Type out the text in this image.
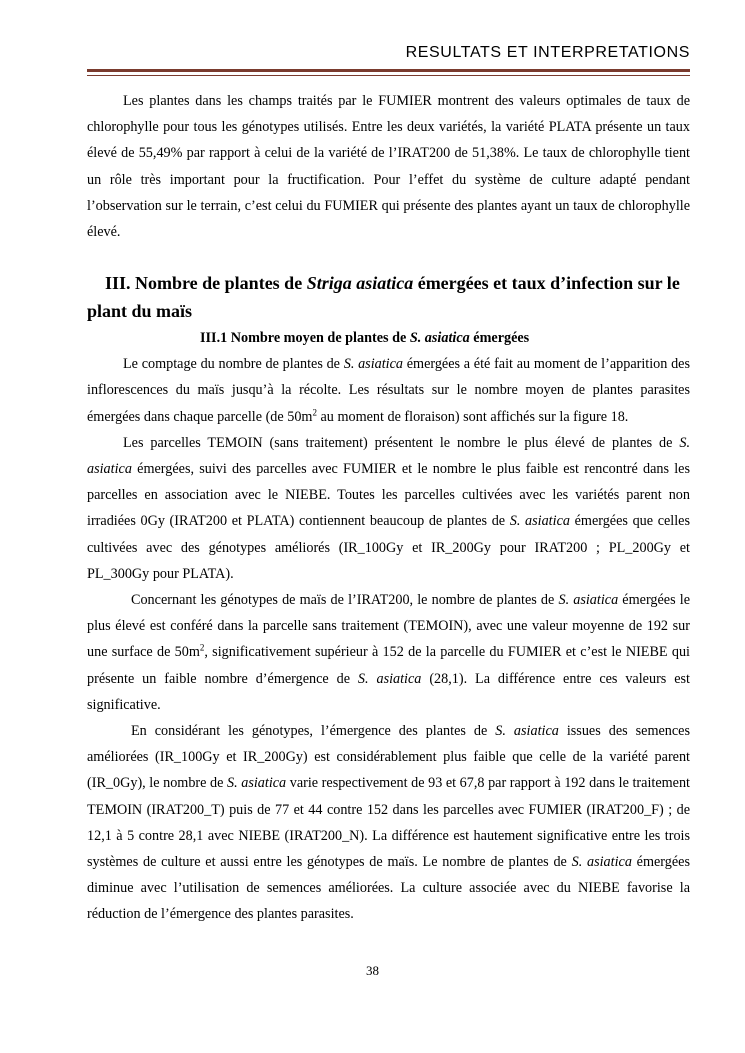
RESULTATS ET INTERPRETATIONS

Les plantes dans les champs traités par le FUMIER montrent des valeurs optimales de taux de chlorophylle pour tous les génotypes utilisés. Entre les deux variétés, la variété PLATA présente un taux élevé de 55,49% par rapport à celui de la variété de l’IRAT200 de 51,38%. Le taux de chlorophylle tient un rôle très important pour la fructification. Pour l’effet du système de culture adapté pendant l’observation sur le terrain, c’est celui du FUMIER qui présente des plantes ayant un taux de chlorophylle élevé.

III. Nombre de plantes de Striga asiatica émergées et taux d’infection sur le plant du maïs
III.1 Nombre moyen de plantes de S. asiatica émergées

Le comptage du nombre de plantes de S. asiatica émergées a été fait au moment de l’apparition des inflorescences du maïs jusqu’à la récolte. Les résultats sur le nombre moyen de plantes parasites émergées dans chaque parcelle (de $50m^2$ au moment de floraison) sont affichés sur la figure 18.

Les parcelles TEMOIN (sans traitement) présentent le nombre le plus élevé de plantes de S. asiatica émergées, suivi des parcelles avec FUMIER et le nombre le plus faible est rencontré dans les parcelles en association avec le NIEBE. Toutes les parcelles cultivées avec les variétés parent non irradiées 0Gy (IRAT200 et PLATA) contiennent beaucoup de plantes de S. asiatica émergées que celles cultivées avec des génotypes améliorés (IR_100Gy et IR_200Gy pour IRAT200 ; PL_200Gy et PL_300Gy pour PLATA).

Concernant les génotypes de maïs de l’IRAT200, le nombre de plantes de S. asiatica émergées le plus élevé est conféré dans la parcelle sans traitement (TEMOIN), avec une valeur moyenne de 192 sur une surface de $50m^2$, significativement supérieur à 152 de la parcelle du FUMIER et c’est le NIEBE qui présente un faible nombre d’émergence de S. asiatica (28,1). La différence entre ces valeurs est significative.

En considérant les génotypes, l’émergence des plantes de S. asiatica issues des semences améliorées (IR_100Gy et IR_200Gy) est considérablement plus faible que celle de la variété parent (IR_0Gy), le nombre de S. asiatica varie respectivement de 93 et 67,8 par rapport à 192 dans le traitement TEMOIN (IRAT200_T) puis de 77 et 44 contre 152 dans les parcelles avec FUMIER (IRAT200_F) ; de 12,1 à 5 contre 28,1 avec NIEBE (IRAT200_N). La différence est hautement significative entre les trois systèmes de culture et aussi entre les génotypes de maïs. Le nombre de plantes de S. asiatica émergées diminue avec l’utilisation de semences améliorées. La culture associée avec du NIEBE favorise la réduction de l’émergence des plantes parasites.

38
